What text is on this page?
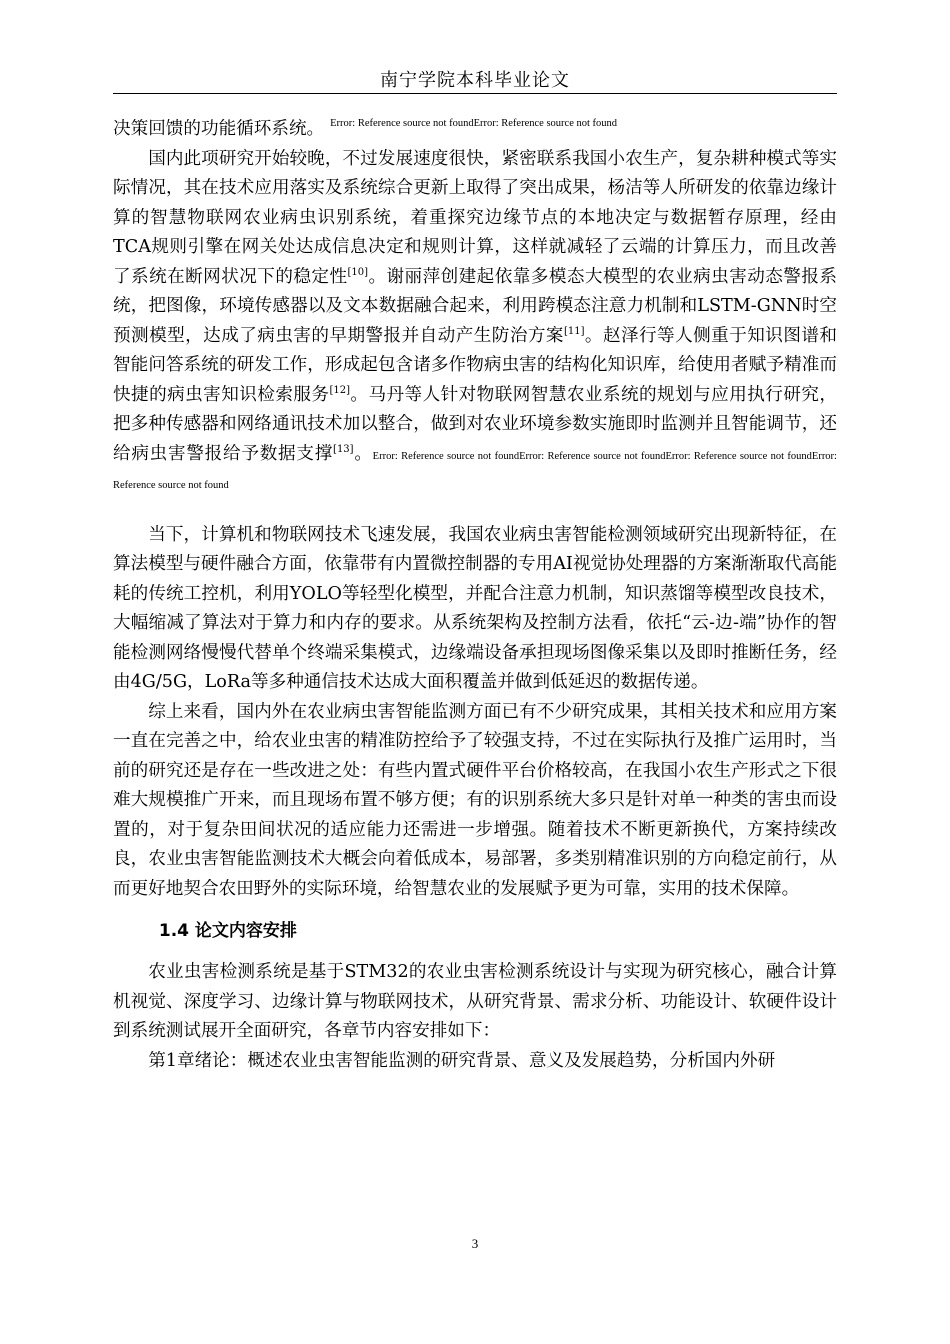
南宁学院本科毕业论文

决策回馈的功能循环系统。 $^{Error: Reference source not foundError: Reference source not found}$

国内此项研究开始较晚，不过发展速度很快，紧密联系我国小农生产，复杂耕种模式等实际情况，其在技术应用落实及系统综合更新上取得了突出成果，杨洁等人所研发的依靠边缘计算的智慧物联网农业病虫识别系统，着重探究边缘节点的本地决定与数据暂存原理，经由TCA规则引擎在网关处达成信息决定和规则计算，这样就减轻了云端的计算压力，而且改善了系统在断网状况下的稳定性[10]。谢丽萍创建起依靠多模态大模型的农业病虫害动态警报系统，把图像，环境传感器以及文本数据融合起来，利用跨模态注意力机制和LSTM-GNN时空预测模型，达成了病虫害的早期警报并自动产生防治方案[11]。赵泽行等人侧重于知识图谱和智能问答系统的研发工作，形成起包含诸多作物病虫害的结构化知识库，给使用者赋予精准而快捷的病虫害知识检索服务[12]。马丹等人针对物联网智慧农业系统的规划与应用执行研究，把多种传感器和网络通讯技术加以整合，做到对农业环境参数实施即时监测并且智能调节，还给病虫害警报给予数据支撑[13]。Error: Reference source not foundError: Reference source not foundError: Reference source not foundError: Reference source not found

当下，计算机和物联网技术飞速发展，我国农业病虫害智能检测领域研究出现新特征，在算法模型与硬件融合方面，依靠带有内置微控制器的专用AI视觉协处理器的方案渐渐取代高能耗的传统工控机，利用YOLO等轻型化模型，并配合注意力机制，知识蒸馏等模型改良技术，大幅缩减了算法对于算力和内存的要求。从系统架构及控制方法看，依托“云-边-端”协作的智能检测网络慢慢代替单个终端采集模式，边缘端设备承担现场图像采集以及即时推断任务，经由4G/5G，LoRa等多种通信技术达成大面积覆盖并做到低延迟的数据传递。

综上来看，国内外在农业病虫害智能监测方面已有不少研究成果，其相关技术和应用方案一直在完善之中，给农业虫害的精准防控给予了较强支持，不过在实际执行及推广运用时，当前的研究还是存在一些改进之处：有些内置式硬件平台价格较高，在我国小农生产形式之下很难大规模推广开来，而且现场布置不够方便；有的识别系统大多只是针对单一种类的害虫而设置的，对于复杂田间状况的适应能力还需进一步增强。随着技术不断更新换代，方案持续改良，农业虫害智能监测技术大概会向着低成本，易部署，多类别精准识别的方向稳定前行，从而更好地契合农田野外的实际环境，给智慧农业的发展赋予更为可靠，实用的技术保障。

1.4 论文内容安排

农业虫害检测系统是基于STM32的农业虫害检测系统设计与实现为研究核心，融合计算机视觉、深度学习、边缘计算与物联网技术，从研究背景、需求分析、功能设计、软硬件设计到系统测试展开全面研究，各章节内容安排如下：

第1章绪论：概述农业虫害智能监测的研究背景、意义及发展趋势，分析国内外研

3
